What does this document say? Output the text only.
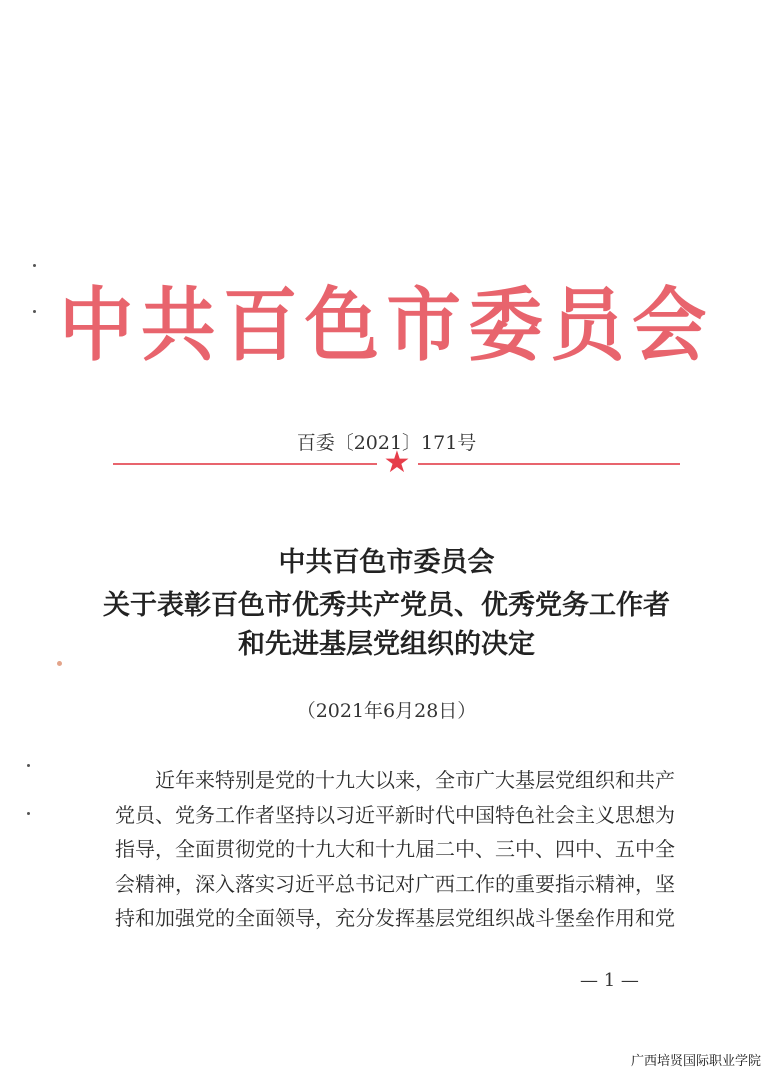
中共百色市委员会
百委〔2021〕171号
★
中共百色市委员会
关于表彰百色市优秀共产党员、优秀党务工作者
和先进基层党组织的决定
（2021年6月28日）
近年来特别是党的十九大以来，全市广大基层党组织和共产
党员、党务工作者坚持以习近平新时代中国特色社会主义思想为
指导，全面贯彻党的十九大和十九届二中、三中、四中、五中全
会精神，深入落实习近平总书记对广西工作的重要指示精神，坚
持和加强党的全面领导，充分发挥基层党组织战斗堡垒作用和党
— 1 —
广西培贤国际职业学院
